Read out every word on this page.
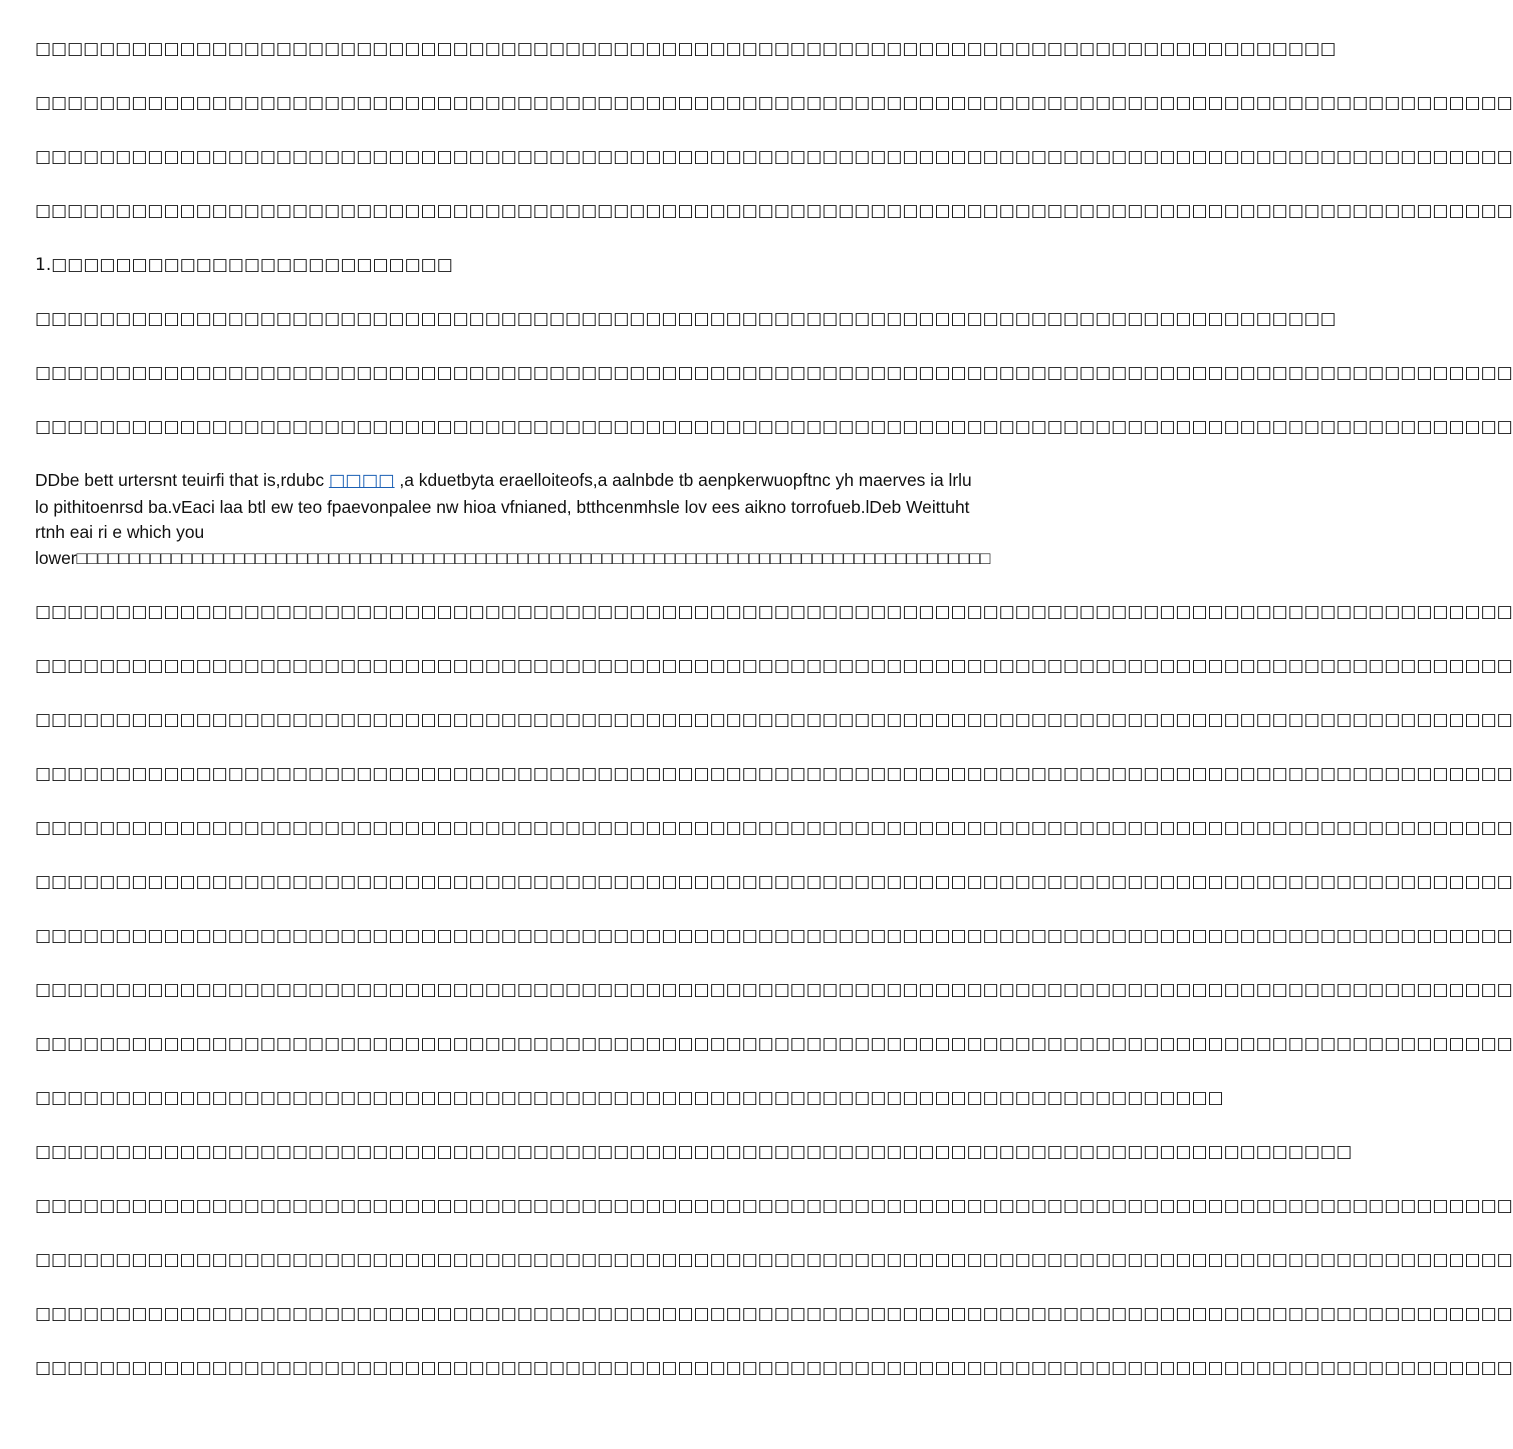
□□□□□□□□□□□□□□□□□□□□□□□□□□□□□□□□□□□□□□□□□□□□□□□□□□□□□□□□□□□□□□□□□□□□□□□□□□□□□□□□□

□□□□□□□□□□□□□□□□□□□□□□□□□□□□□□□□□□□□□□□□□□□□□□□□□□□□□□□□□□□□□□□□□□□□□□□□□□□□□□□□□□□□□□□□□□□□

□□□□□□□□□□□□□□□□□□□□□□□□□□□□□□□□□□□□□□□□□□□□□□□□□□□□□□□□□□□□□□□□□□□□□□□□□□□□□□□□□□□□□□□□□□□□

□□□□□□□□□□□□□□□□□□□□□□□□□□□□□□□□□□□□□□□□□□□□□□□□□□□□□□□□□□□□□□□□□□□□□□□□□□□□□□□□□□□□□□□□□□□□

1.□□□□□□□□□□□□□□□□□□□□□□□□□

□□□□□□□□□□□□□□□□□□□□□□□□□□□□□□□□□□□□□□□□□□□□□□□□□□□□□□□□□□□□□□□□□□□□□□□□□□□□□□□□□

□□□□□□□□□□□□□□□□□□□□□□□□□□□□□□□□□□□□□□□□□□□□□□□□□□□□□□□□□□□□□□□□□□□□□□□□□□□□□□□□□□□□□□□□□□□□

□□□□□□□□□□□□□□□□□□□□□□□□□□□□□□□□□□□□□□□□□□□□□□□□□□□□□□□□□□□□□□□□□□□□□□□□□□□□□□□□□□□□□□□□□□□□

DDbe bett urtersnt teuirfi that is,rdubc □□□□ ,a kduetbyta eraelloiteofs,a aalnbde tb aenpkerwuopftnc yh maerves ia lrlu lo pithitoenrsd ba.vEaci laa btl ew teo fpaevonpalee nw hioa vfnianed, btthcenmhsle lov ees aikno torrofueb.lDeb Weittuht rtnh eai ri e which you
lower□□□□□□□□□□□□□□□□□□□□□□□□□□□□□□□□□□□□□□□□□□□□□□□□□□□□□□□□□□□□□□□□□□□□□□□□□□□□□□□□□□□□□□□

□□□□□□□□□□□□□□□□□□□□□□□□□□□□□□□□□□□□□□□□□□□□□□□□□□□□□□□□□□□□□□□□□□□□□□□□□□□□□□□□□□□□□□□□□□□□

□□□□□□□□□□□□□□□□□□□□□□□□□□□□□□□□□□□□□□□□□□□□□□□□□□□□□□□□□□□□□□□□□□□□□□□□□□□□□□□□□□□□□□□□□□□□

□□□□□□□□□□□□□□□□□□□□□□□□□□□□□□□□□□□□□□□□□□□□□□□□□□□□□□□□□□□□□□□□□□□□□□□□□□□□□□□□□□□□□□□□□□□□

□□□□□□□□□□□□□□□□□□□□□□□□□□□□□□□□□□□□□□□□□□□□□□□□□□□□□□□□□□□□□□□□□□□□□□□□□□□□□□□□□□□□□□□□□□□□

□□□□□□□□□□□□□□□□□□□□□□□□□□□□□□□□□□□□□□□□□□□□□□□□□□□□□□□□□□□□□□□□□□□□□□□□□□□□□□□□□□□□□□□□□□□□

□□□□□□□□□□□□□□□□□□□□□□□□□□□□□□□□□□□□□□□□□□□□□□□□□□□□□□□□□□□□□□□□□□□□□□□□□□□□□□□□□□□□□□□□□□□□

□□□□□□□□□□□□□□□□□□□□□□□□□□□□□□□□□□□□□□□□□□□□□□□□□□□□□□□□□□□□□□□□□□□□□□□□□□□□□□□□□□□□□□□□□□□□

□□□□□□□□□□□□□□□□□□□□□□□□□□□□□□□□□□□□□□□□□□□□□□□□□□□□□□□□□□□□□□□□□□□□□□□□□□□□□□□□□□□□□□□□□□□□

□□□□□□□□□□□□□□□□□□□□□□□□□□□□□□□□□□□□□□□□□□□□□□□□□□□□□□□□□□□□□□□□□□□□□□□□□□□□□□□□□□□□□□□□□□□□

□□□□□□□□□□□□□□□□□□□□□□□□□□□□□□□□□□□□□□□□□□□□□□□□□□□□□□□□□□□□□□□□□□□□□□□□□□

□□□□□□□□□□□□□□□□□□□□□□□□□□□□□□□□□□□□□□□□□□□□□□□□□□□□□□□□□□□□□□□□□□□□□□□□□□□□□□□□□□

□□□□□□□□□□□□□□□□□□□□□□□□□□□□□□□□□□□□□□□□□□□□□□□□□□□□□□□□□□□□□□□□□□□□□□□□□□□□□□□□□□□□□□□□□□□□

□□□□□□□□□□□□□□□□□□□□□□□□□□□□□□□□□□□□□□□□□□□□□□□□□□□□□□□□□□□□□□□□□□□□□□□□□□□□□□□□□□□□□□□□□□□□

□□□□□□□□□□□□□□□□□□□□□□□□□□□□□□□□□□□□□□□□□□□□□□□□□□□□□□□□□□□□□□□□□□□□□□□□□□□□□□□□□□□□□□□□□□□□

□□□□□□□□□□□□□□□□□□□□□□□□□□□□□□□□□□□□□□□□□□□□□□□□□□□□□□□□□□□□□□□□□□□□□□□□□□□□□□□□□□□□□□□□□□□□
